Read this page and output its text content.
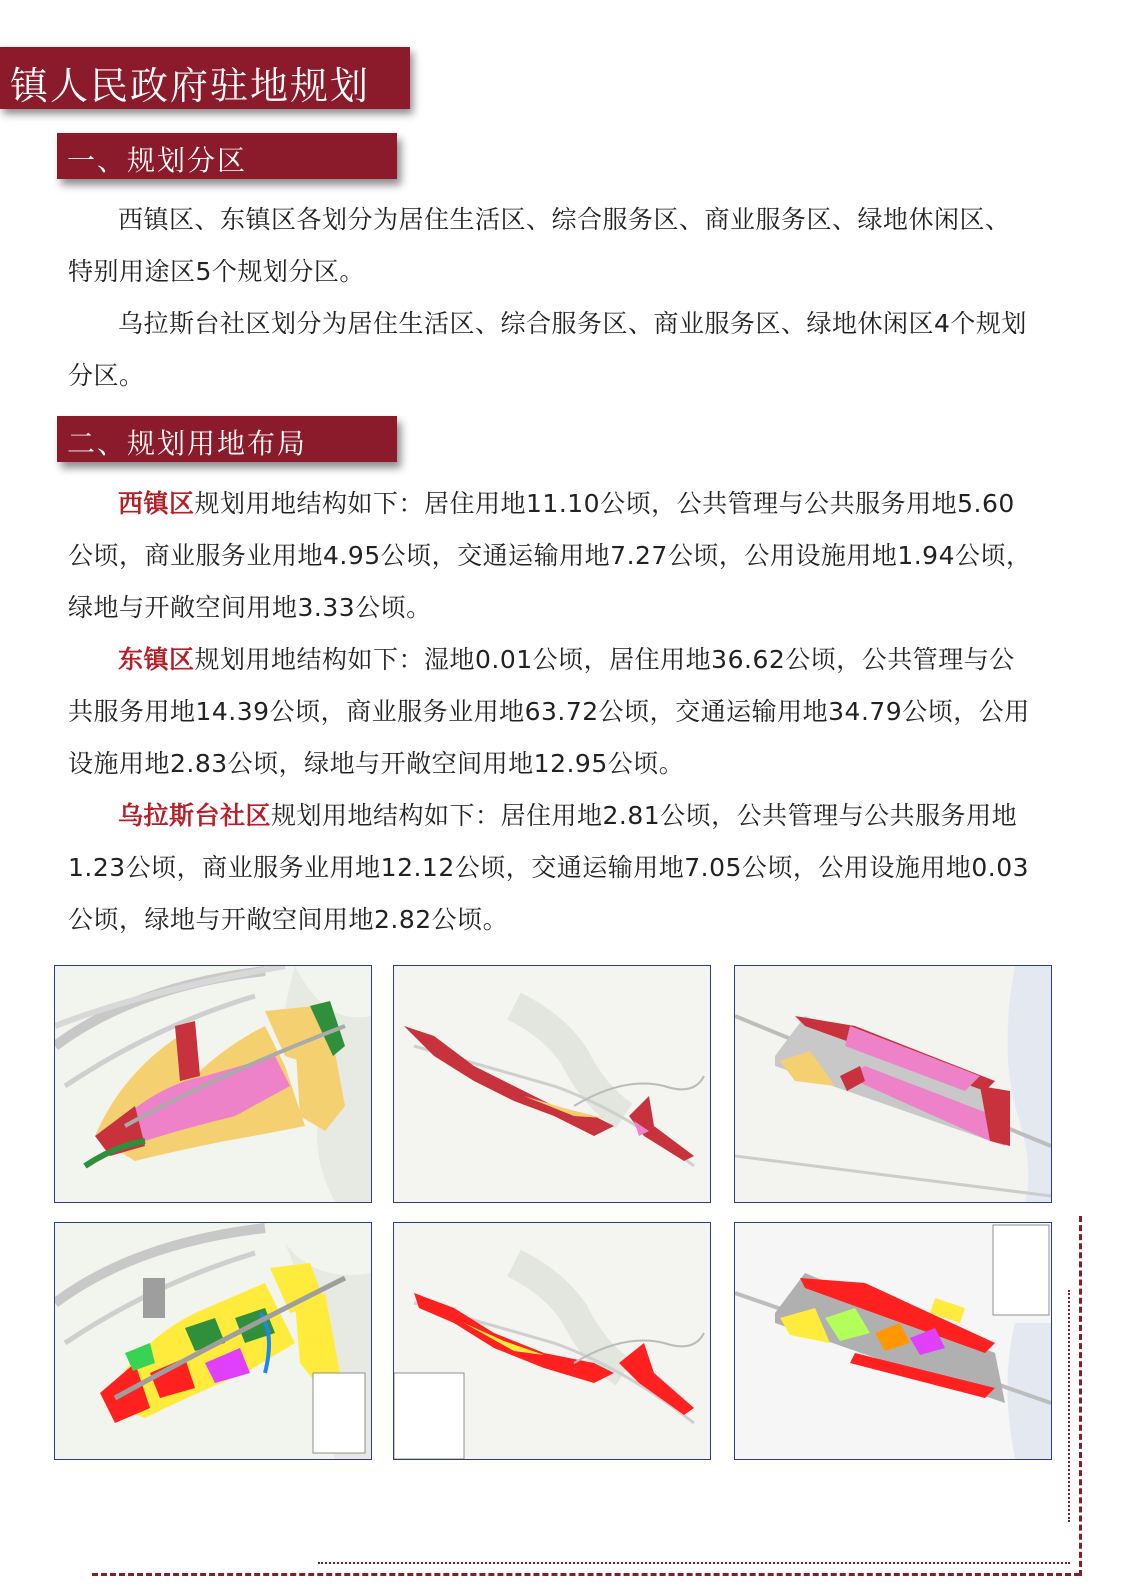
镇人民政府驻地规划
一、规划分区

西镇区、东镇区各划分为居住生活区、综合服务区、商业服务区、绿地休闲区、特别用途区5个规划分区。

乌拉斯台社区划分为居住生活区、综合服务区、商业服务区、绿地休闲区4个规划分区。

二、规划用地布局

西镇区规划用地结构如下：居住用地11.10公顷，公共管理与公共服务用地5.60公顷，商业服务业用地4.95公顷，交通运输用地7.27公顷，公用设施用地1.94公顷，绿地与开敞空间用地3.33公顷。

东镇区规划用地结构如下：湿地0.01公顷，居住用地36.62公顷，公共管理与公共服务用地14.39公顷，商业服务业用地63.72公顷，交通运输用地34.79公顷，公用设施用地2.83公顷，绿地与开敞空间用地12.95公顷。

乌拉斯台社区规划用地结构如下：居住用地2.81公顷，公共管理与公共服务用地1.23公顷，商业服务业用地12.12公顷，交通运输用地7.05公顷，公用设施用地0.03公顷，绿地与开敞空间用地2.82公顷。
